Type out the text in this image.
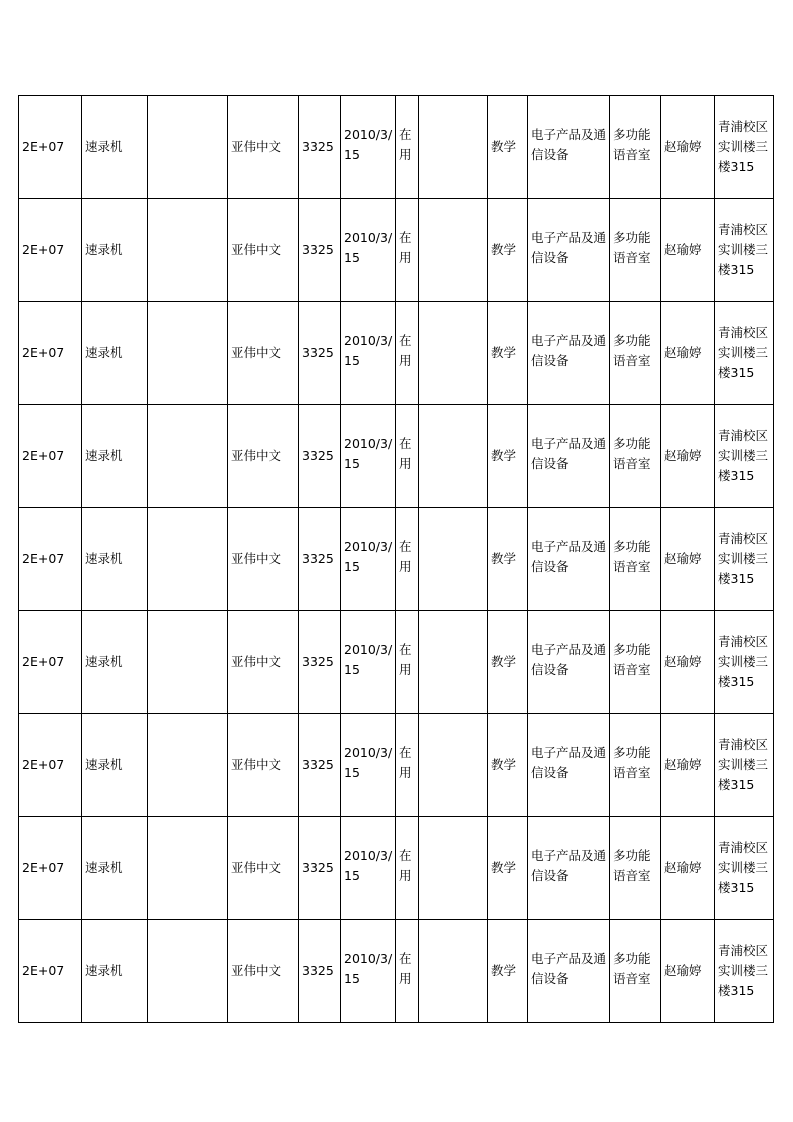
2E+07	速录机		亚伟中文	3325	2010/3/15	在用		教学	电子产品及通信设备	多功能语音室	赵瑜婷	青浦校区实训楼三楼315
2E+07	速录机		亚伟中文	3325	2010/3/15	在用		教学	电子产品及通信设备	多功能语音室	赵瑜婷	青浦校区实训楼三楼315
2E+07	速录机		亚伟中文	3325	2010/3/15	在用		教学	电子产品及通信设备	多功能语音室	赵瑜婷	青浦校区实训楼三楼315
2E+07	速录机		亚伟中文	3325	2010/3/15	在用		教学	电子产品及通信设备	多功能语音室	赵瑜婷	青浦校区实训楼三楼315
2E+07	速录机		亚伟中文	3325	2010/3/15	在用		教学	电子产品及通信设备	多功能语音室	赵瑜婷	青浦校区实训楼三楼315
2E+07	速录机		亚伟中文	3325	2010/3/15	在用		教学	电子产品及通信设备	多功能语音室	赵瑜婷	青浦校区实训楼三楼315
2E+07	速录机		亚伟中文	3325	2010/3/15	在用		教学	电子产品及通信设备	多功能语音室	赵瑜婷	青浦校区实训楼三楼315
2E+07	速录机		亚伟中文	3325	2010/3/15	在用		教学	电子产品及通信设备	多功能语音室	赵瑜婷	青浦校区实训楼三楼315
2E+07	速录机		亚伟中文	3325	2010/3/15	在用		教学	电子产品及通信设备	多功能语音室	赵瑜婷	青浦校区实训楼三楼315
